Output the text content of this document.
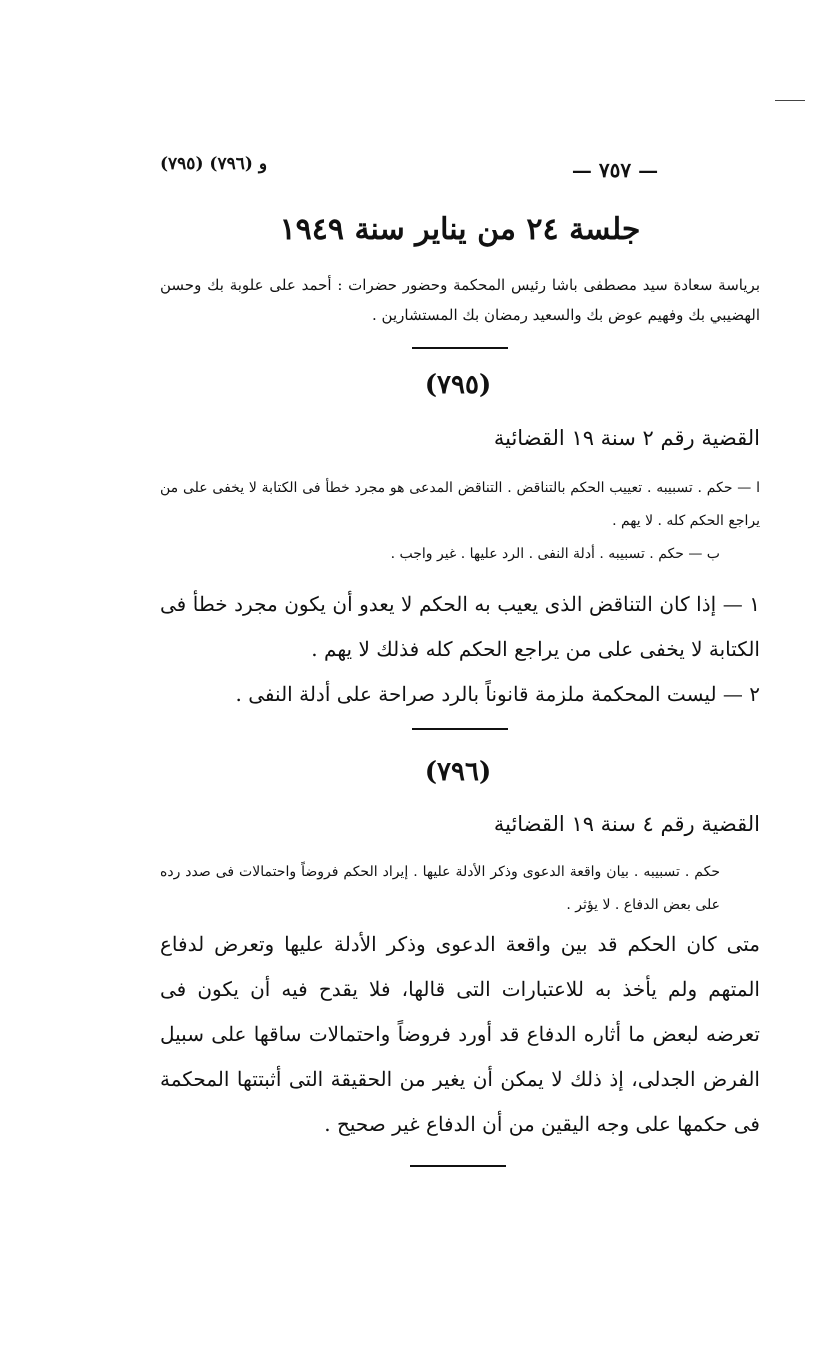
(٧٩٥) و (٧٩٦)	— ٧٥٧ —
جلسة ٢٤ من يناير سنة ١٩٤٩
برياسة سعادة سيد مصطفى باشا رئيس المحكمة وحضور حضرات : أحمد على علوبة بك وحسن الهضيبي بك وفهيم عوض بك والسعيد رمضان بك المستشارين .
(٧٩٥)
القضية رقم ٢ سنة ١٩ القضائية

ا — حكم . تسبيبه . تعييب الحكم بالتناقض . التناقض المدعى هو مجرد خطأ فى الكتابة لا يخفى على من يراجع الحكم كله . لا يهم .

ب — حكم . تسبيبه . أدلة النفى . الرد عليها . غير واجب .

١ — إذا كان التناقض الذى يعيب به الحكم لا يعدو أن يكون مجرد خطأ فى الكتابة لا يخفى على من يراجع الحكم كله فذلك لا يهم .

٢ — ليست المحكمة ملزمة قانوناً بالرد صراحة على أدلة النفى .

(٧٩٦)
القضية رقم ٤ سنة ١٩ القضائية

حكم . تسبيبه . بيان واقعة الدعوى وذكر الأدلة عليها . إيراد الحكم فروضاً واحتمالات فى صدد رده على بعض الدفاع . لا يؤثر .

متى كان الحكم قد بين واقعة الدعوى وذكر الأدلة عليها وتعرض لدفاع المتهم ولم يأخذ به للاعتبارات التى قالها، فلا يقدح فيه أن يكون فى تعرضه لبعض ما أثاره الدفاع قد أورد فروضاً واحتمالات ساقها على سبيل الفرض الجدلى، إذ ذلك لا يمكن أن يغير من الحقيقة التى أثبتتها المحكمة فى حكمها على وجه اليقين من أن الدفاع غير صحيح .
